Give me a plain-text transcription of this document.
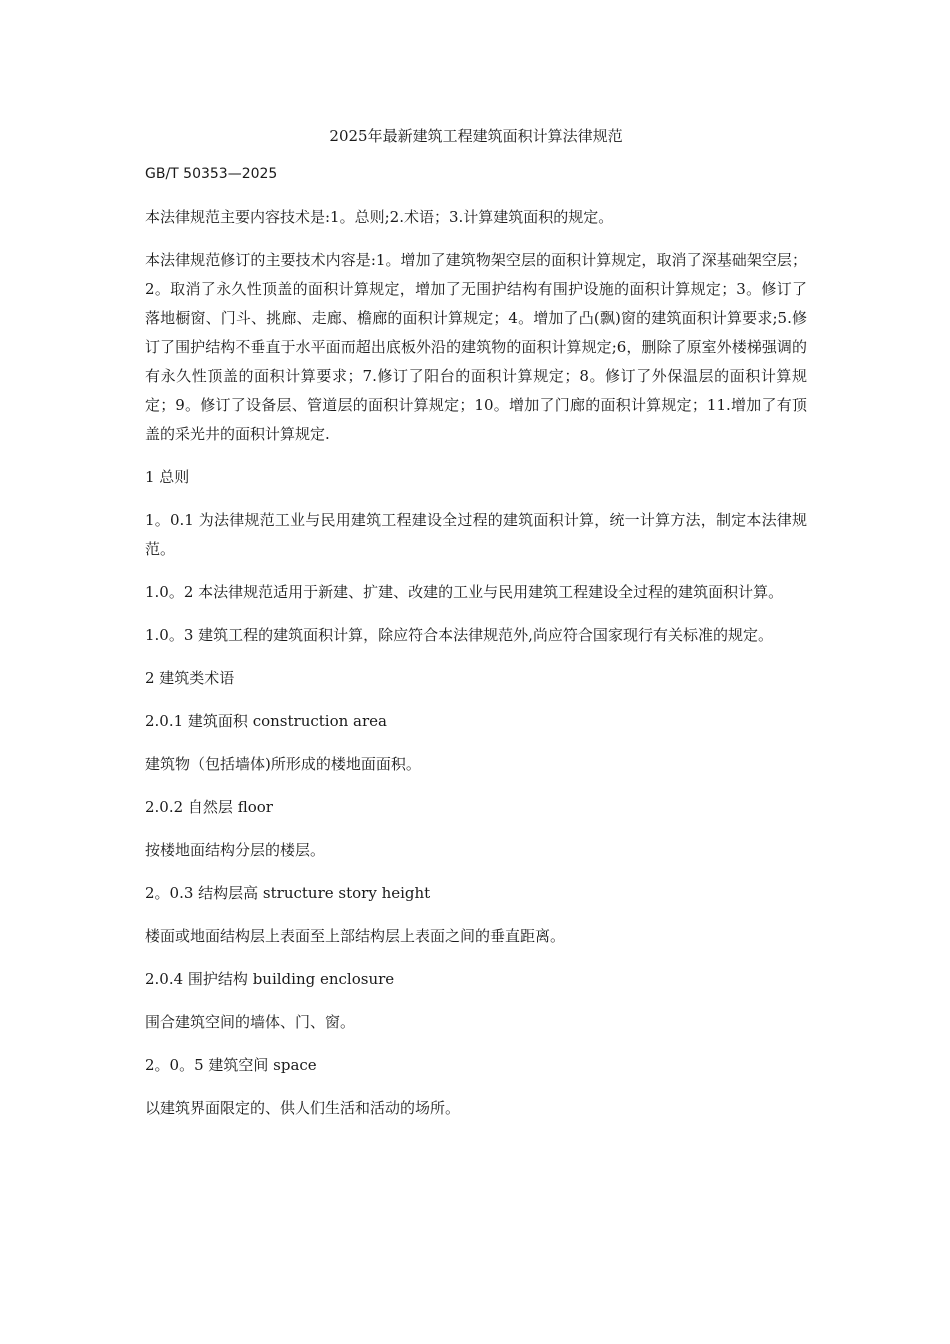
2025年最新建筑工程建筑面积计算法律规范

GB/T 50353—2025

本法律规范主要内容技术是:1。总则;2.术语；3.计算建筑面积的规定。

本法律规范修订的主要技术内容是:1。增加了建筑物架空层的面积计算规定，取消了深基础架空层；2。取消了永久性顶盖的面积计算规定，增加了无围护结构有围护设施的面积计算规定；3。修订了落地橱窗、门斗、挑廊、走廊、檐廊的面积计算规定；4。增加了凸(飘)窗的建筑面积计算要求;5.修订了围护结构不垂直于水平面而超出底板外沿的建筑物的面积计算规定;6，删除了原室外楼梯强调的有永久性顶盖的面积计算要求；7.修订了阳台的面积计算规定；8。修订了外保温层的面积计算规定；9。修订了设备层、管道层的面积计算规定；10。增加了门廊的面积计算规定；11.增加了有顶盖的采光井的面积计算规定.

1 总则

1。0.1 为法律规范工业与民用建筑工程建设全过程的建筑面积计算，统一计算方法，制定本法律规范。

1.0。2 本法律规范适用于新建、扩建、改建的工业与民用建筑工程建设全过程的建筑面积计算。

1.0。3 建筑工程的建筑面积计算，除应符合本法律规范外,尚应符合国家现行有关标准的规定。

2 建筑类术语

2.0.1 建筑面积 construction area

建筑物（包括墙体)所形成的楼地面面积。

2.0.2 自然层 floor

按楼地面结构分层的楼层。

2。0.3 结构层高 structure story height

楼面或地面结构层上表面至上部结构层上表面之间的垂直距离。

2.0.4 围护结构 building enclosure

围合建筑空间的墙体、门、窗。

2。0。5 建筑空间 space

以建筑界面限定的、供人们生活和活动的场所。
